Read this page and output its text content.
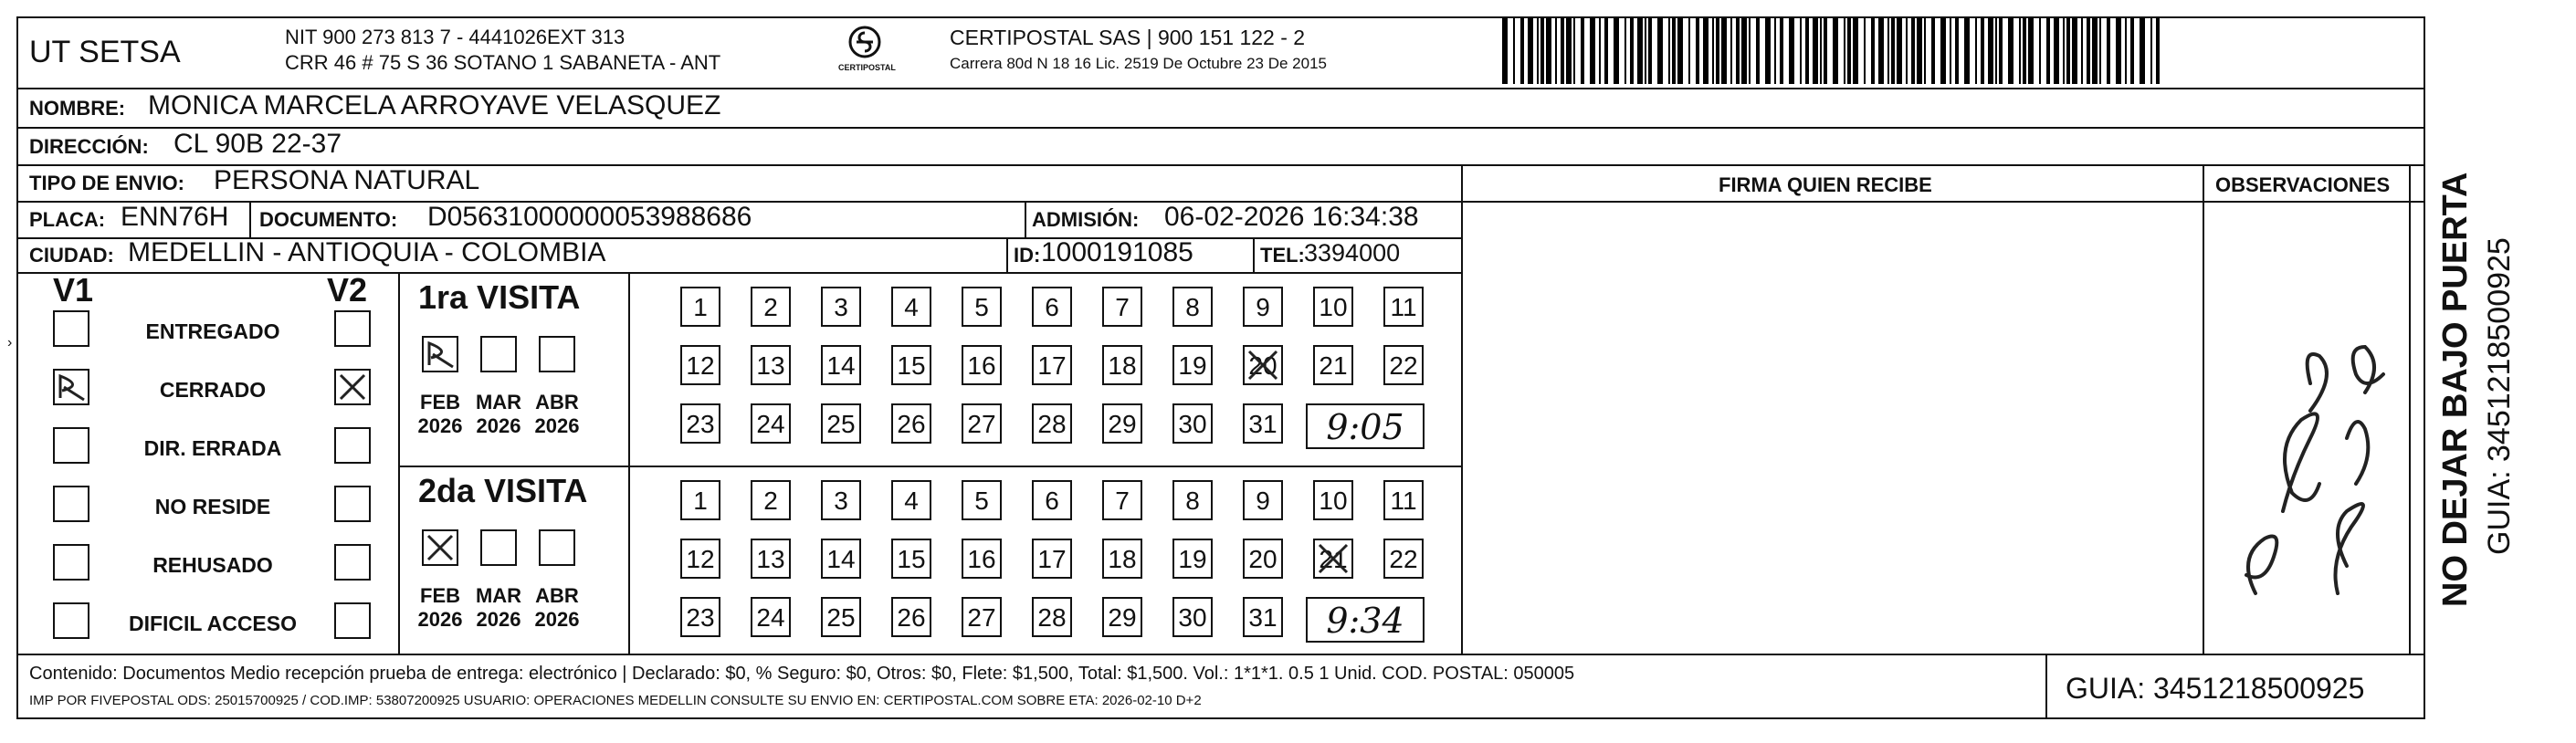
UT SETSA	NIT 900 273 813 7 - 4441026EXT 313
CRR 46 # 75 S 36 SOTANO 1 SABANETA - ANT	CERTIPOSTAL
CERTIPOSTAL SAS | 900 151 122 - 2
Carrera 80d N 18 16 Lic. 2519 De Octubre 23 De 2015
NOMBRE: MONICA MARCELA ARROYAVE VELASQUEZ
DIRECCIÓN: CL 90B 22-37
TIPO DE ENVIO: PERSONA NATURAL	FIRMA QUIEN RECIBE	OBSERVACIONES
PLACA: ENN76H DOCUMENTO: D05631000000053988686	ADMISIÓN: 06-02-2026 16:34:38
CIUDAD: MEDELLIN - ANTIOQUIA - COLOMBIA	ID: 1000191085	TEL: 3394000
V1	V2
ENTREGADO
CERRADO
DIR. ERRADA
NO RESIDE
REHUSADO
DIFICIL ACCESO
›
1ra VISITA
FEB
2026
MAR
2026
ABR
2026
1	2	3	4	5	6	7	8	9	10 11
12 13 14 15 16 17 18 19 20 21 22
23 24 25 26 27 28 29 30 31	9:05
2da VISITA
FEB
2026
MAR
2026
ABR
2026
1	2	3	4	5	6	7	8	9	10 11
12 13 14 15 16 17 18 19 20 21 22
23 24 25 26 27 28 29 30 31	9:34
Contenido: Documentos Medio recepción prueba de entrega: electrónico | Declarado: $0, % Seguro: $0, Otros: $0, Flete: $1,500, Total: $1,500. Vol.: 1*1*1. 0.5 1 Unid. COD. POSTAL: 050005
IMP POR FIVEPOSTAL ODS: 25015700925 / COD.IMP: 53807200925 USUARIO: OPERACIONES MEDELLIN CONSULTE SU ENVIO EN: CERTIPOSTAL.COM SOBRE ETA: 2026-02-10 D+2	GUIA: 3451218500925
NO DEJAR BAJO PUERTA GUIA: 3451218500925
